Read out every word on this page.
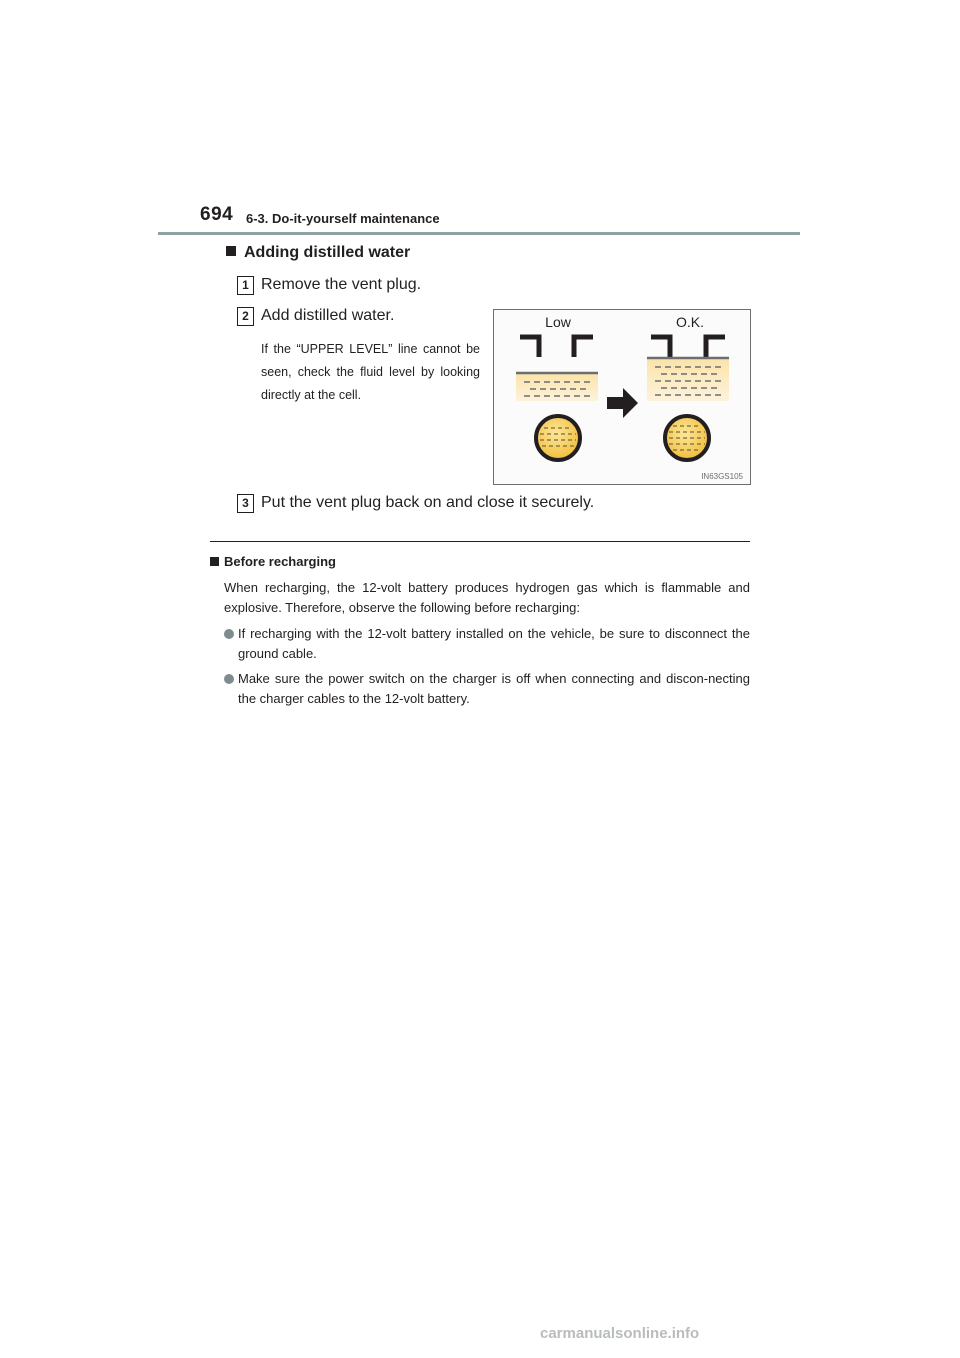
694 6-3. Do-it-yourself maintenance
Adding distilled water
1 Remove the vent plug.
2 Add distilled water.
If the “UPPER LEVEL” line cannot be seen, check the fluid level by looking directly at the cell.
Low	O.K.
IN63GS105
3 Put the vent plug back on and close it securely.
Before recharging
When recharging, the 12-volt battery produces hydrogen gas which is flammable and explosive. Therefore, observe the following before recharging:
If recharging with the 12-volt battery installed on the vehicle, be sure to disconnect the ground cable.
Make sure the power switch on the charger is off when connecting and discon-necting the charger cables to the 12-volt battery.
carmanualsonline.info
